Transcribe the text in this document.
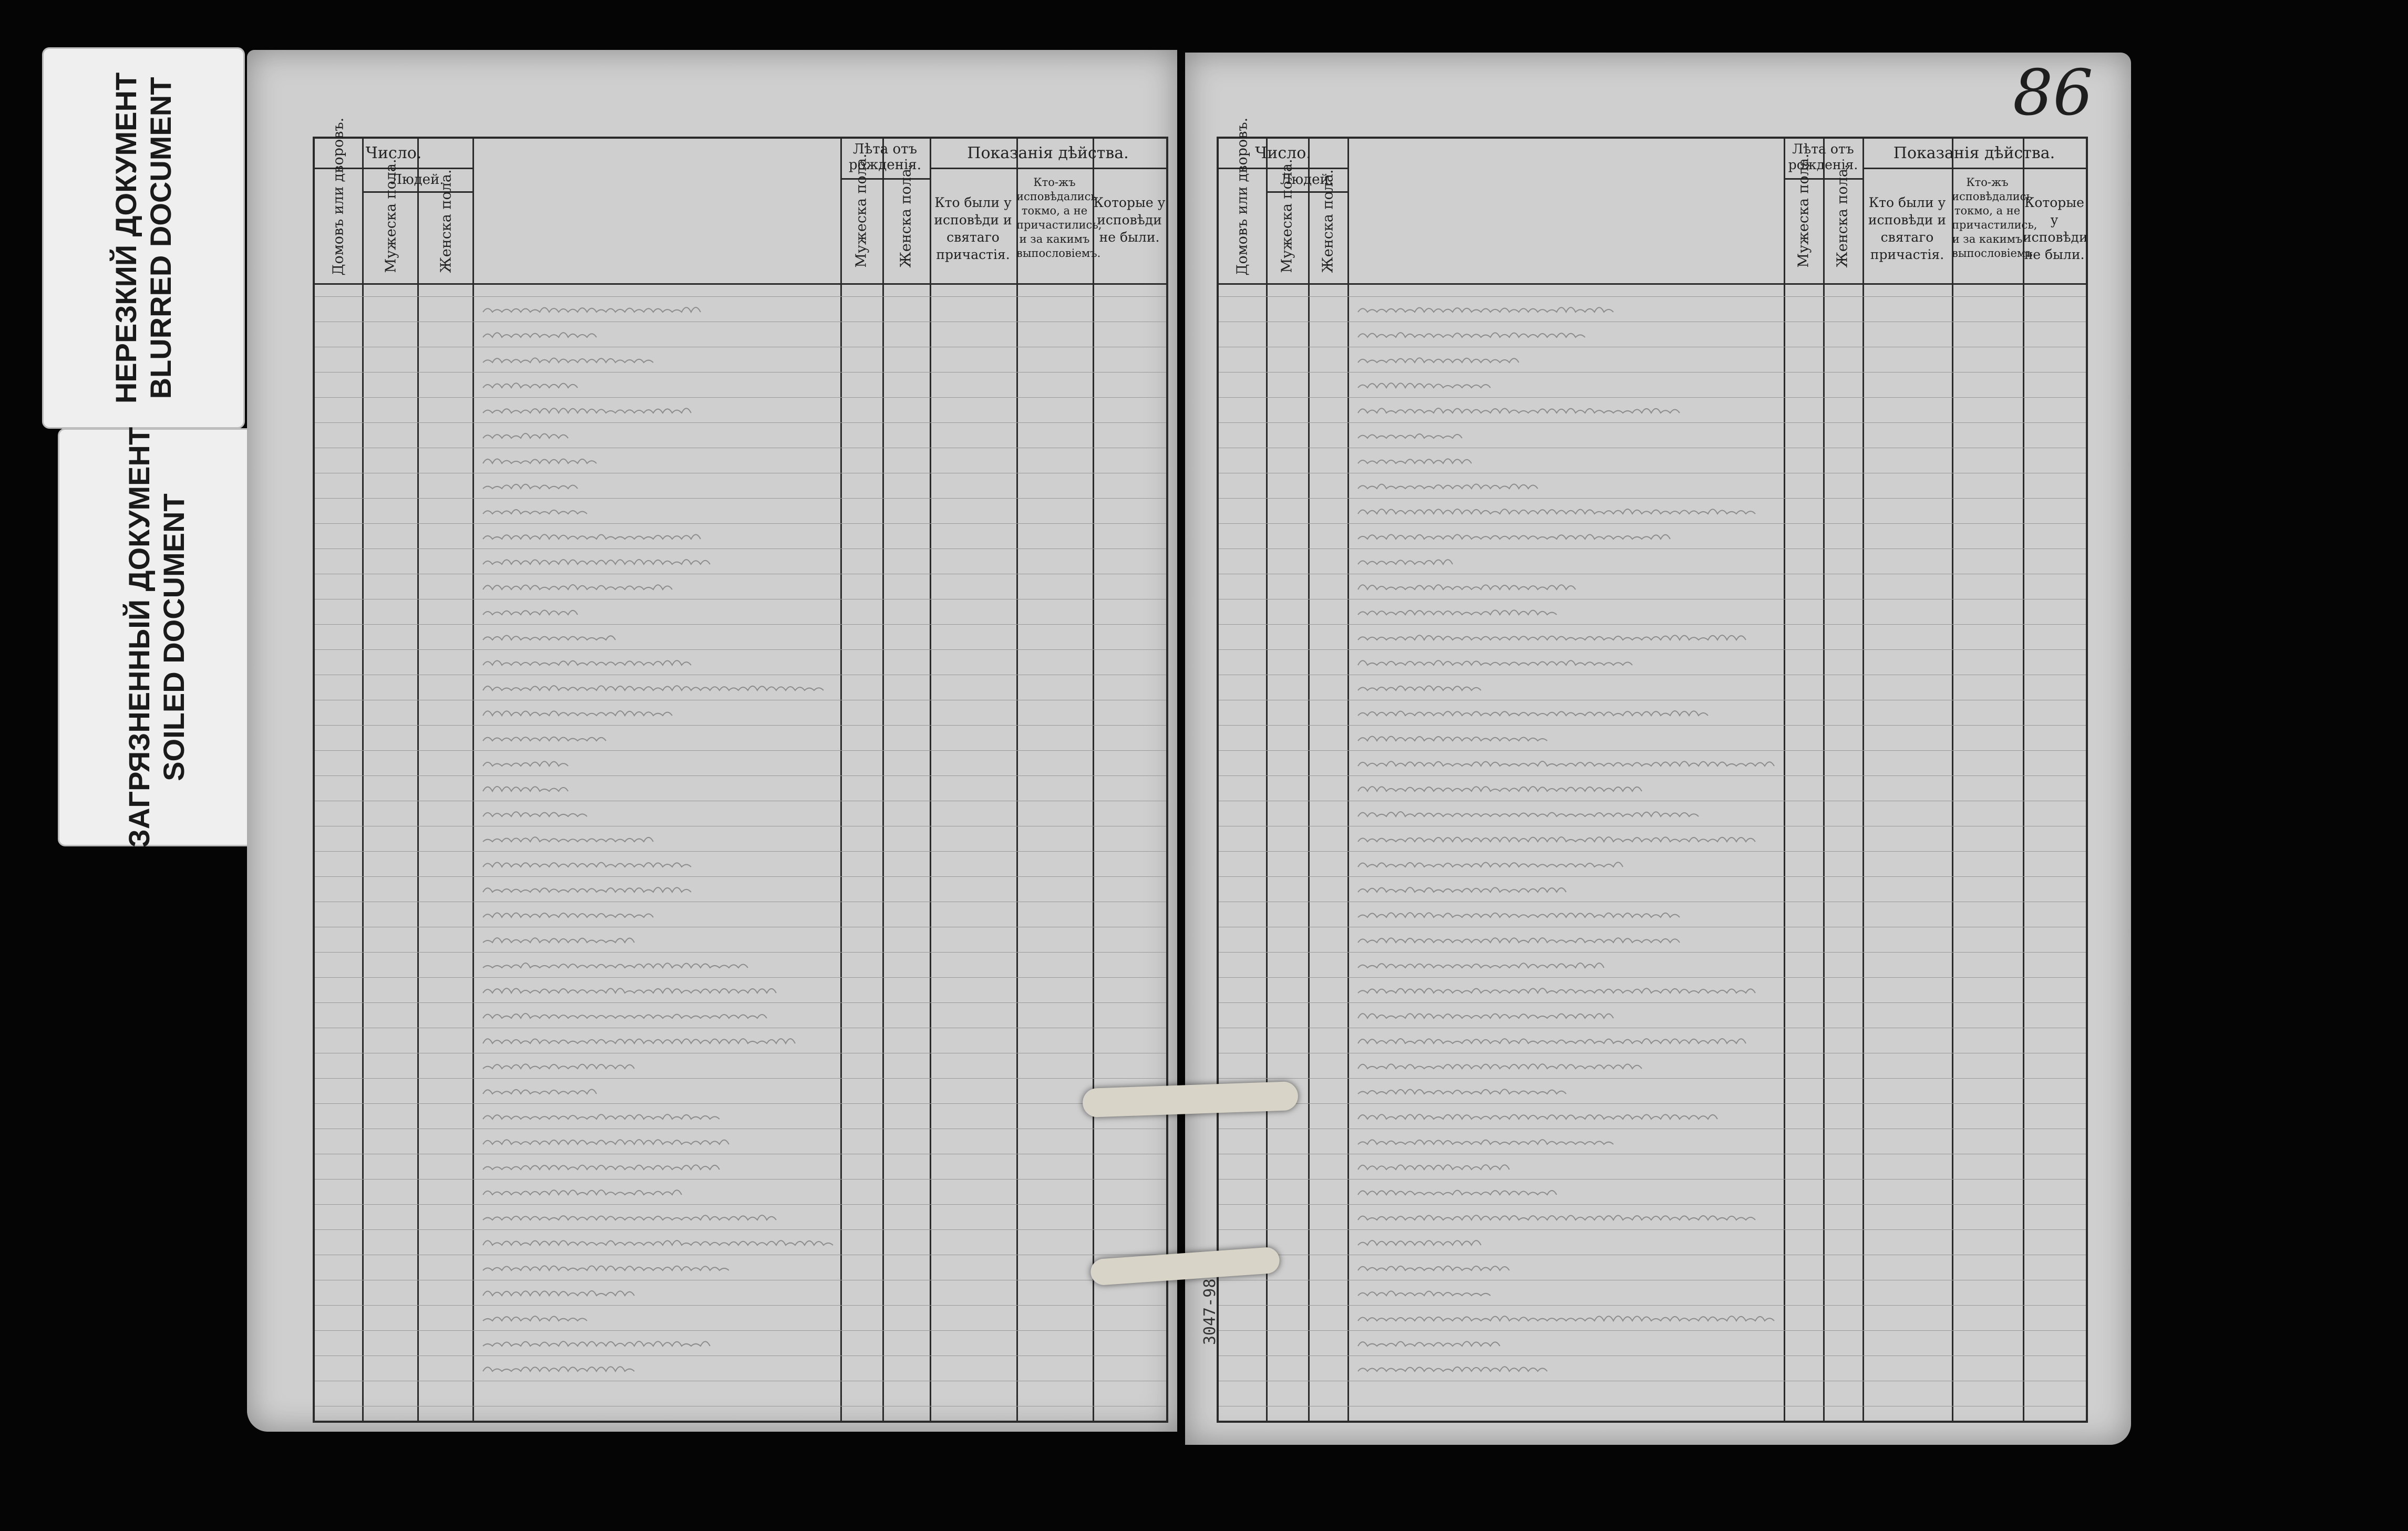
НЕРЕЗКИЙ ДОКУМЕНТ BLURRED DOCUMENT
ЗАГРЯЗНЕННЫЙ ДОКУМЕНТ SOILED DOCUMENT
Число.
Людей.
Домовъ или дворовъ.	Мужеска пола.	Женска пола.
Лѣта отъ рожденія.
Мужеска пола. Женска пола.
Показанія дѣйства.
Кто были у исповѣди и святаго причастія.
Кто-жъ исповѣдались токмо, а не причастились, и за какимъ выпословіемъ.
Которые у исповѣди не были.
Число.
Людей.
Домовъ или дворовъ. Мужеска пола. Женска пола.
Лѣта отъ рожденія.
Мужеска пола. Женска пола.
Показанія дѣйства.
Кто были у исповѣди и святаго причастія.
Кто-жъ исповѣдались токмо, а не причастились, и за какимъ выпословіемъ.
Которые у исповѣди не были.
86
3047-98
